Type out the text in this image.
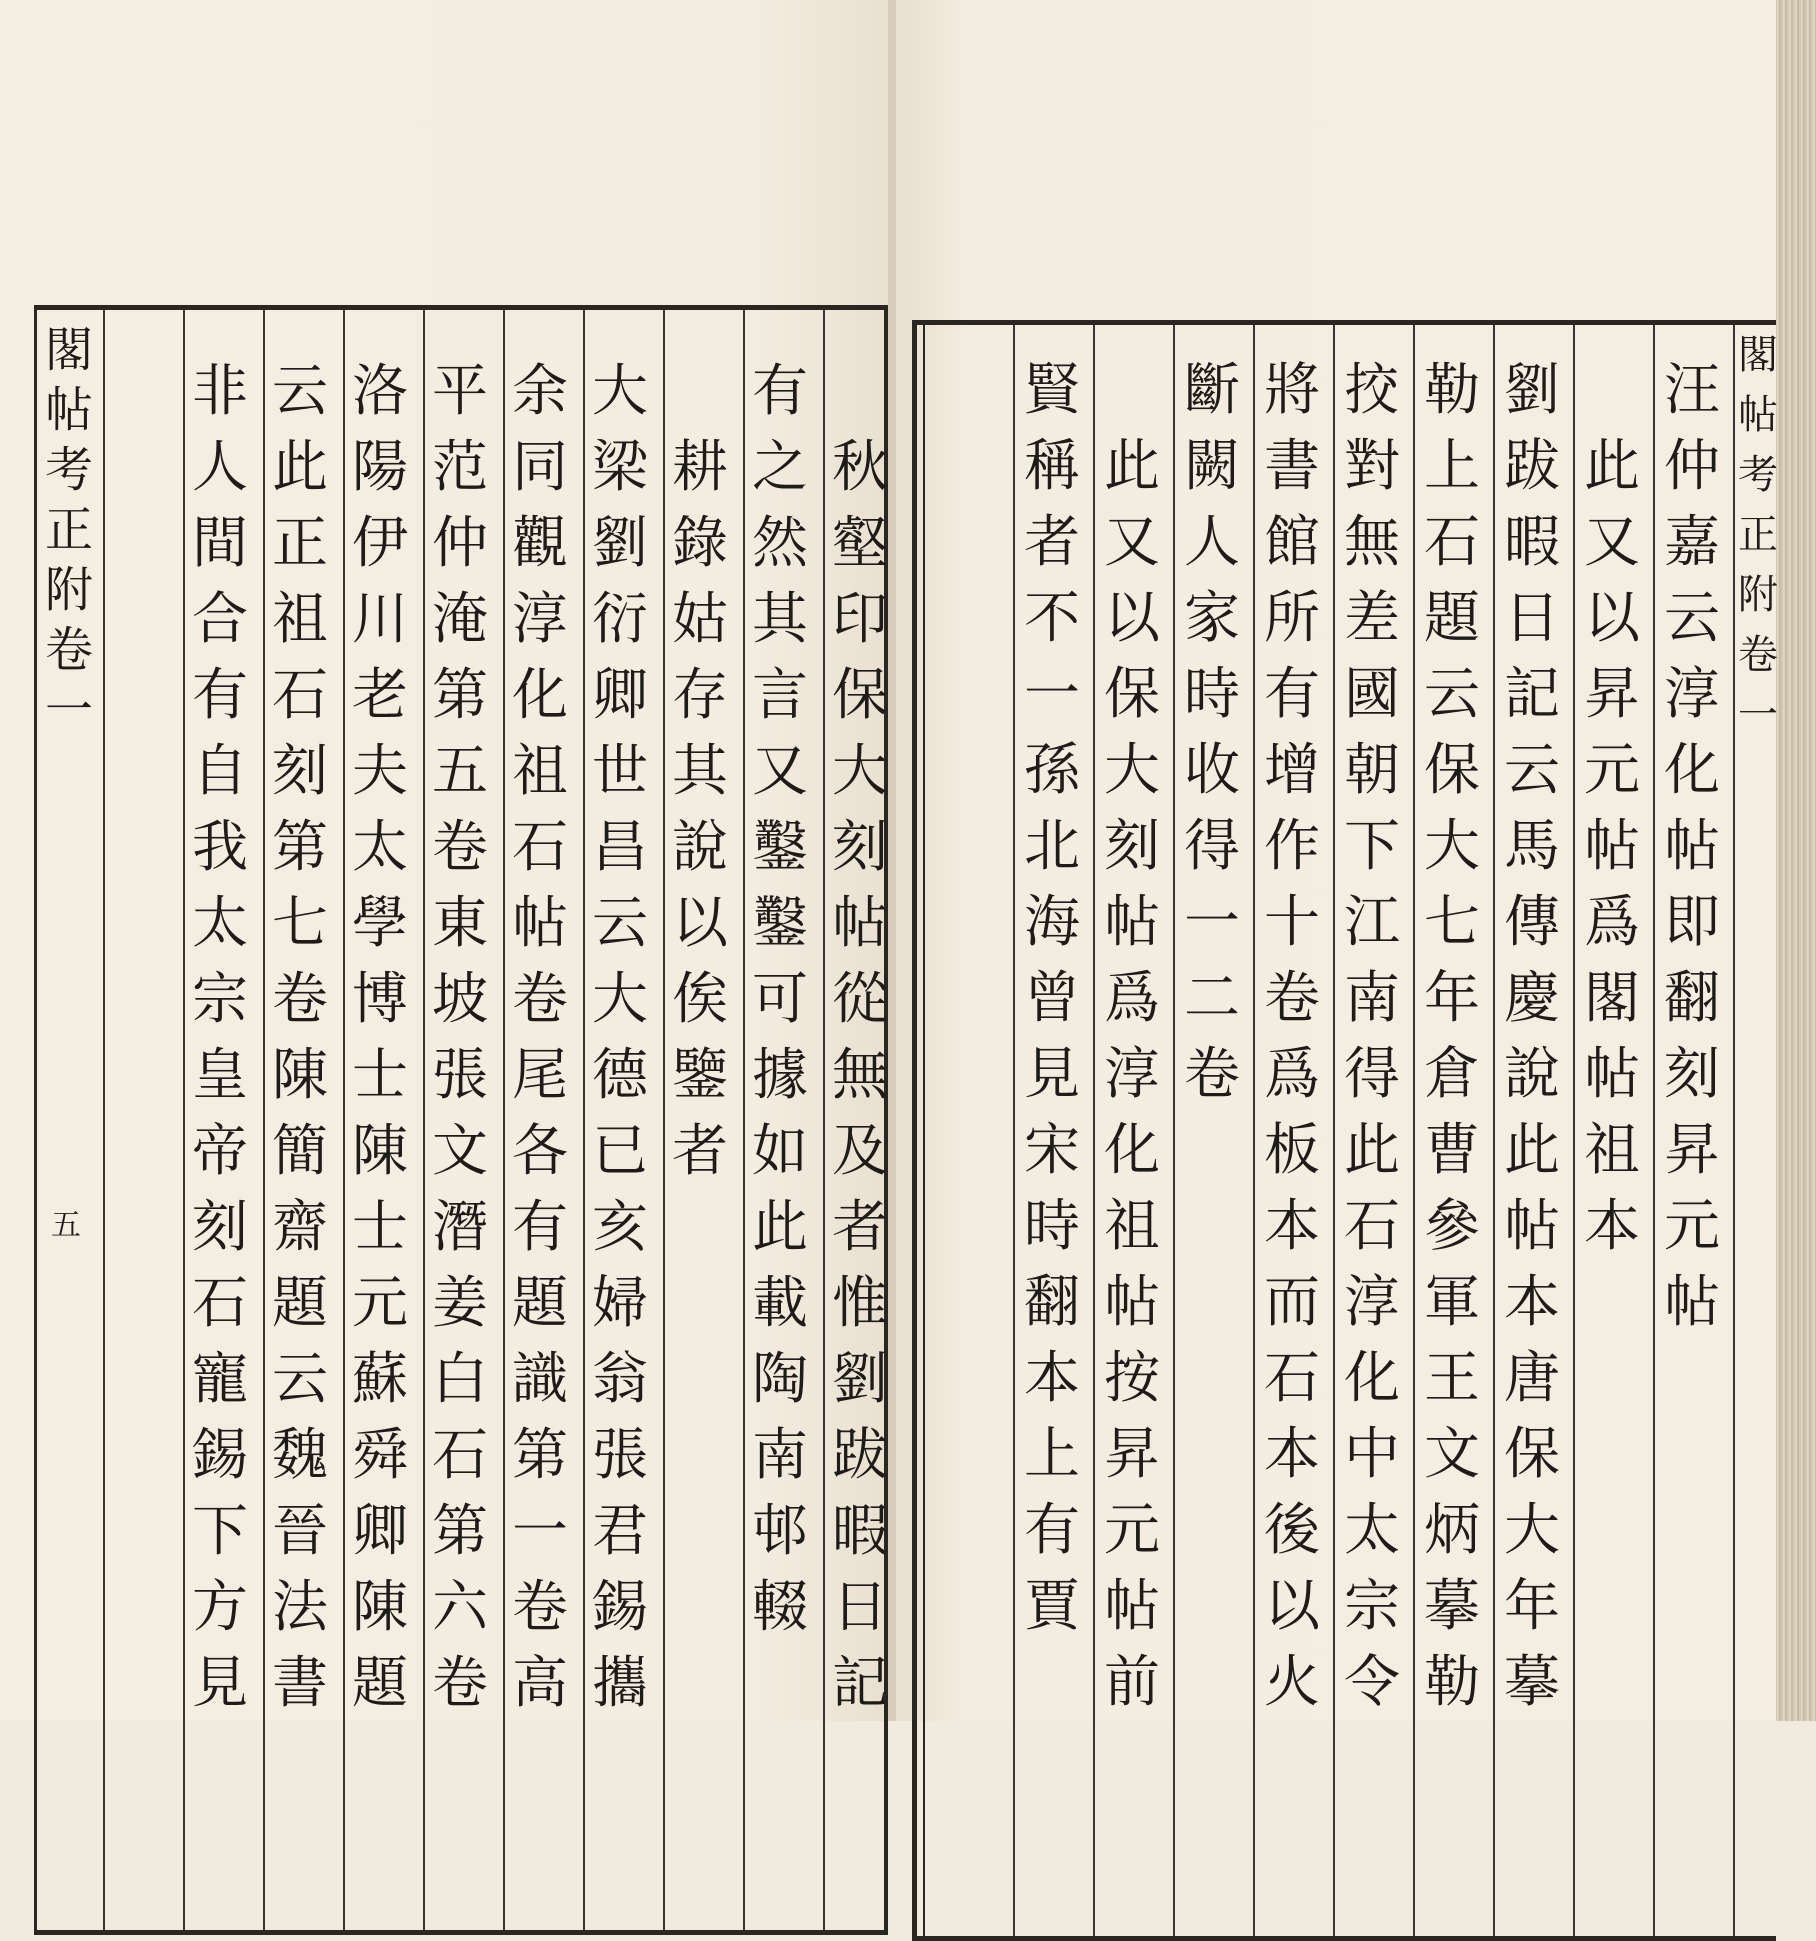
閣
帖
考
正
附
卷
一
五
秋
壑
印
保
大
刻
帖
從
無
及
者
惟
劉
跋
暇
日
記
有
之
然
其
言
又
鑿
鑿
可
據
如
此
載
陶
南
邨
輟
耕
錄
姑
存
其
說
以
俟
鑒
者
大
梁
劉
衍
卿
世
昌
云
大
德
已
亥
婦
翁
張
君
錫
攜
余
同
觀
淳
化
祖
石
帖
卷
尾
各
有
題
識
第
一
卷
高
平
范
仲
淹
第
五
卷
東
坡
張
文
潛
姜
白
石
第
六
卷
洛
陽
伊
川
老
夫
太
學
博
士
陳
士
元
蘇
舜
卿
陳
題
云
此
正
祖
石
刻
第
七
卷
陳
簡
齋
題
云
魏
晉
法
書
非
人
間
合
有
自
我
太
宗
皇
帝
刻
石
寵
錫
下
方
見
閣
帖
考
正
附
卷
一
汪
仲
嘉
云
淳
化
帖
即
翻
刻
昇
元
帖
此
又
以
昇
元
帖
爲
閣
帖
祖
本
劉
跋
暇
日
記
云
馬
傳
慶
說
此
帖
本
唐
保
大
年
摹
勒
上
石
題
云
保
大
七
年
倉
曹
參
軍
王
文
炳
摹
勒
挍
對
無
差
國
朝
下
江
南
得
此
石
淳
化
中
太
宗
令
將
書
館
所
有
增
作
十
卷
爲
板
本
而
石
本
後
以
火
斷
闕
人
家
時
收
得
一
二
卷
此
又
以
保
大
刻
帖
爲
淳
化
祖
帖
按
昇
元
帖
前
賢
稱
者
不
一
孫
北
海
曾
見
宋
時
翻
本
上
有
賈
